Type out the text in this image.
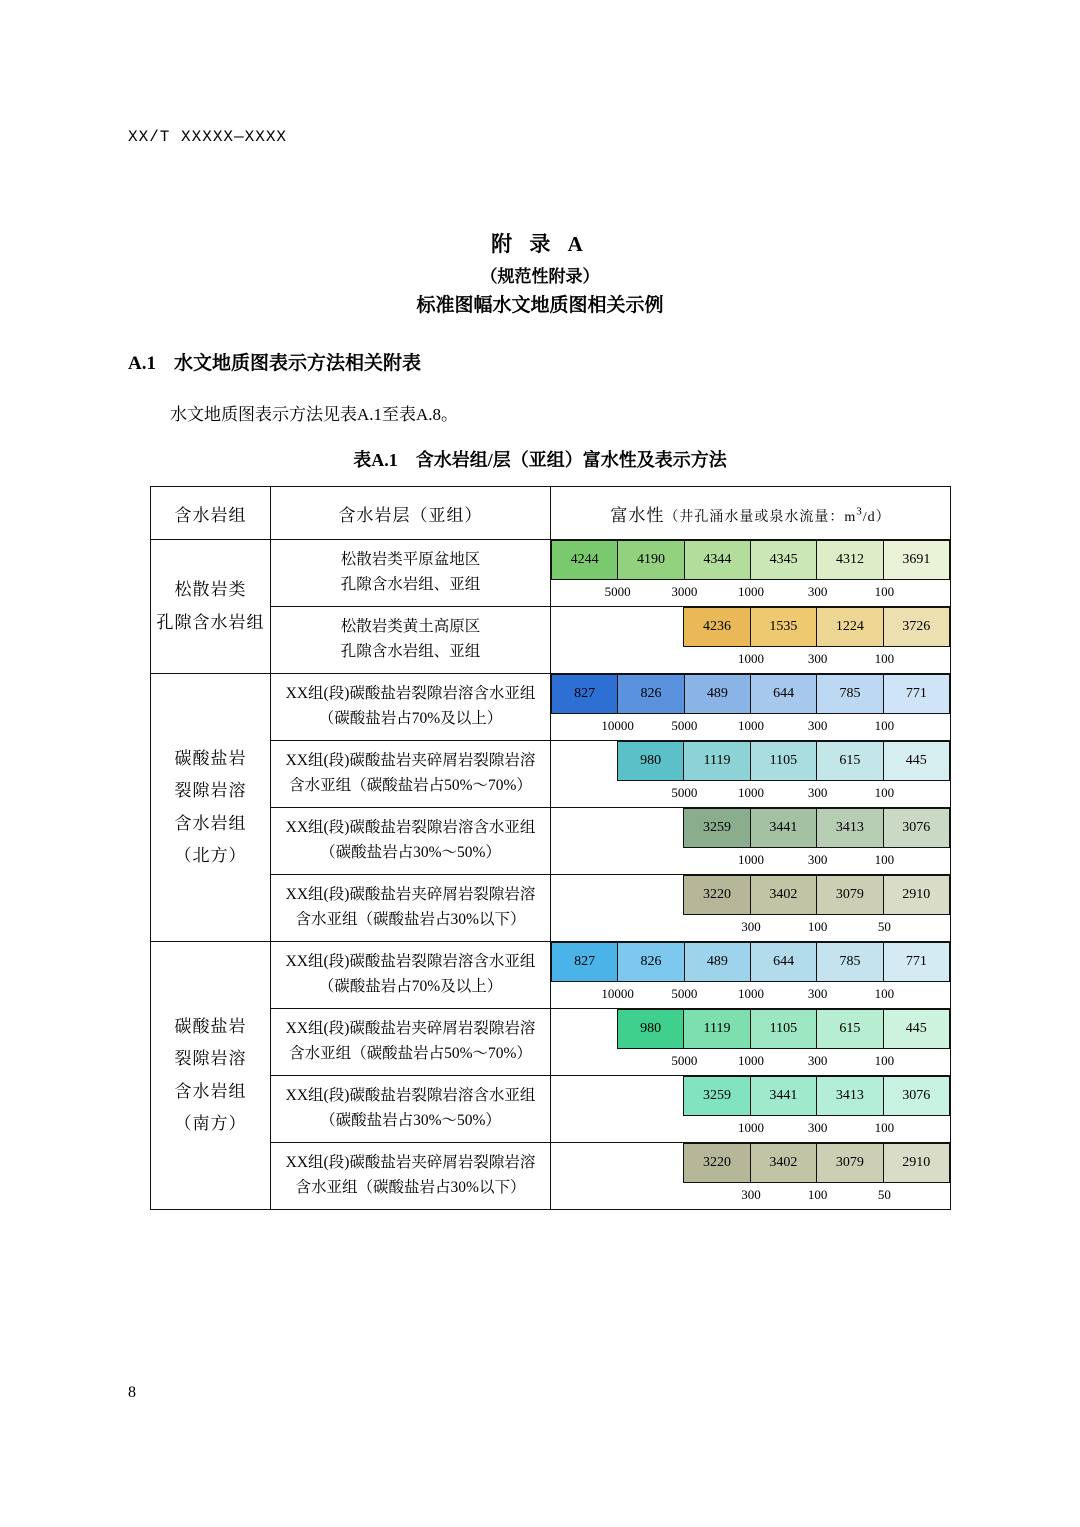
XX/T XXXXX—XXXX
附 录 A
（规范性附录）
标准图幅水文地质图相关示例
A.1 水文地质图表示方法相关附表
水文地质图表示方法见表A.1至表A.8。
表A.1 含水岩组/层（亚组）富水性及表示方法
含水岩组	含水岩层（亚组）	富水性（井孔涌水量或泉水流量：$m^3/d$）

松散岩类
孔隙含水岩组

松散岩类平原盆地区
孔隙含水岩组、亚组

4244	4190	4344	4345	4312	3691
5000	3000	1000	300	100

松散岩类黄土高原区
孔隙含水岩组、亚组

		4236	1535	1224	3726
1000	300	100

碳酸盐岩
裂隙岩溶
含水岩组
（北方）

XX组(段)碳酸盐岩裂隙岩溶含水亚组
（碳酸盐岩占70%及以上）

827	826	489	644	785	771
10000	5000	1000	300	100

XX组(段)碳酸盐岩夹碎屑岩裂隙岩溶
含水亚组（碳酸盐岩占50%～70%）

	980	1119	1105	615	445
5000	1000	300	100

XX组(段)碳酸盐岩裂隙岩溶含水亚组
（碳酸盐岩占30%～50%）

		3259	3441	3413	3076
1000	300	100

XX组(段)碳酸盐岩夹碎屑岩裂隙岩溶
含水亚组（碳酸盐岩占30%以下）

		3220	3402	3079	2910
300	100	50

碳酸盐岩
裂隙岩溶
含水岩组
（南方）

XX组(段)碳酸盐岩裂隙岩溶含水亚组
（碳酸盐岩占70%及以上）

827	826	489	644	785	771
10000	5000	1000	300	100

XX组(段)碳酸盐岩夹碎屑岩裂隙岩溶
含水亚组（碳酸盐岩占50%～70%）

	980	1119	1105	615	445
5000	1000	300	100

XX组(段)碳酸盐岩裂隙岩溶含水亚组
（碳酸盐岩占30%～50%）

		3259	3441	3413	3076
1000	300	100

XX组(段)碳酸盐岩夹碎屑岩裂隙岩溶
含水亚组（碳酸盐岩占30%以下）

		3220	3402	3079	2910
300	100	50
8
